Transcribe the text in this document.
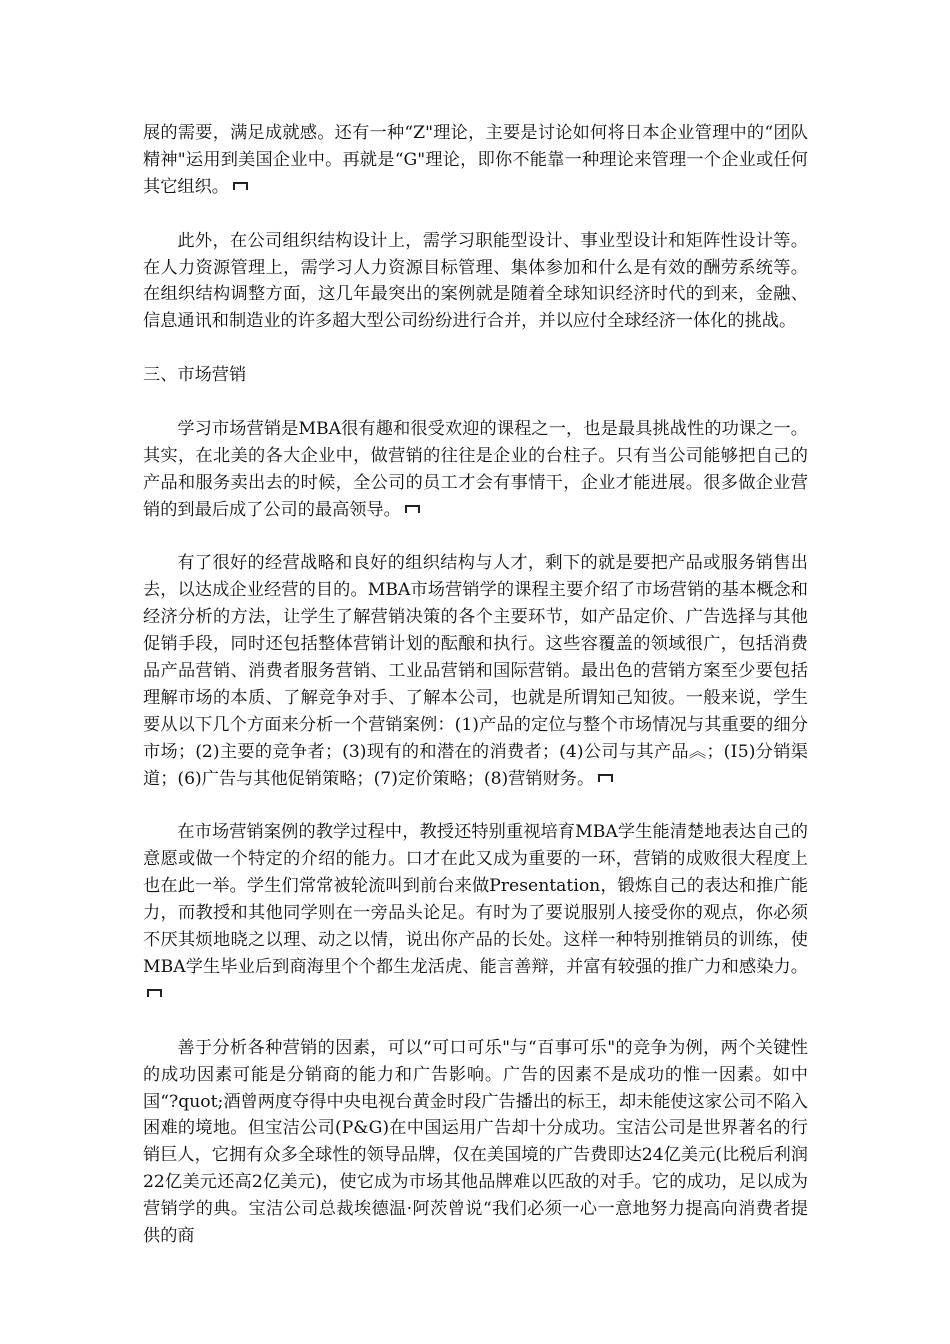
展的需要，满足成就感。还有一种“Z"理论，主要是讨论如何将日本企业管理中的“团队精神"运用到美国企业中。再就是“G"理论，即你不能靠一种理论来管理一个企业或任何其它组织。

此外，在公司组织结构设计上，需学习职能型设计、事业型设计和矩阵性设计等。在人力资源管理上，需学习人力资源目标管理、集体参加和什么是有效的酬劳系统等。在组织结构调整方面，这几年最突出的案例就是随着全球知识经济时代的到来，金融、信息通讯和制造业的许多超大型公司纷纷进行合并，并以应付全球经济一体化的挑战。

三、市场营销

学习市场营销是MBA很有趣和很受欢迎的课程之一，也是最具挑战性的功课之一。其实，在北美的各大企业中，做营销的往往是企业的台柱子。只有当公司能够把自己的产品和服务卖出去的时候，全公司的员工才会有事情干，企业才能进展。很多做企业营销的到最后成了公司的最高领导。

有了很好的经营战略和良好的组织结构与人才，剩下的就是要把产品或服务销售出去，以达成企业经营的目的。MBA市场营销学的课程主要介绍了市场营销的基本概念和经济分析的方法，让学生了解营销决策的各个主要环节，如产品定价、广告选择与其他促销手段，同时还包括整体营销计划的酝酿和执行。这些容覆盖的领域很广，包括消费品产品营销、消费者服务营销、工业品营销和国际营销。最出色的营销方案至少要包括理解市场的本质、了解竞争对手、了解本公司，也就是所谓知己知彼。一般来说，学生要从以下几个方面来分析一个营销案例：(1)产品的定位与整个市场情况与其重要的细分市场；(2)主要的竞争者；(3)现有的和潜在的消费者；(4)公司与其产品︽；(Ⅰ5)分销渠道；(6)广告与其他促销策略；(7)定价策略；(8)营销财务。

在市场营销案例的教学过程中，教授还特别重视培育MBA学生能清楚地表达自己的意愿或做一个特定的介绍的能力。口才在此又成为重要的一环，营销的成败很大程度上也在此一举。学生们常常被轮流叫到前台来做Presentation，锻炼自己的表达和推广能力，而教授和其他同学则在一旁品头论足。有时为了要说服别人接受你的观点，你必须不厌其烦地晓之以理、动之以情，说出你产品的长处。这样一种特别推销员的训练，使MBA学生毕业后到商海里个个都生龙活虎、能言善辩，并富有较强的推广力和感染力。

善于分析各种营销的因素，可以“可口可乐"与“百事可乐"的竞争为例，两个关键性的成功因素可能是分销商的能力和广告影响。广告的因素不是成功的惟一因素。如中国“?quot;酒曾两度夺得中央电视台黄金时段广告播出的标王，却未能使这家公司不陷入困难的境地。但宝洁公司(P&G)在中国运用广告却十分成功。宝洁公司是世界著名的行销巨人，它拥有众多全球性的领导品牌，仅在美国境的广告费即达24亿美元(比税后利润22亿美元还高2亿美元)，使它成为市场其他品牌难以匹敌的对手。它的成功，足以成为营销学的典。宝洁公司总裁埃德温·阿茨曾说“我们必须一心一意地努力提高向消费者提供的商
